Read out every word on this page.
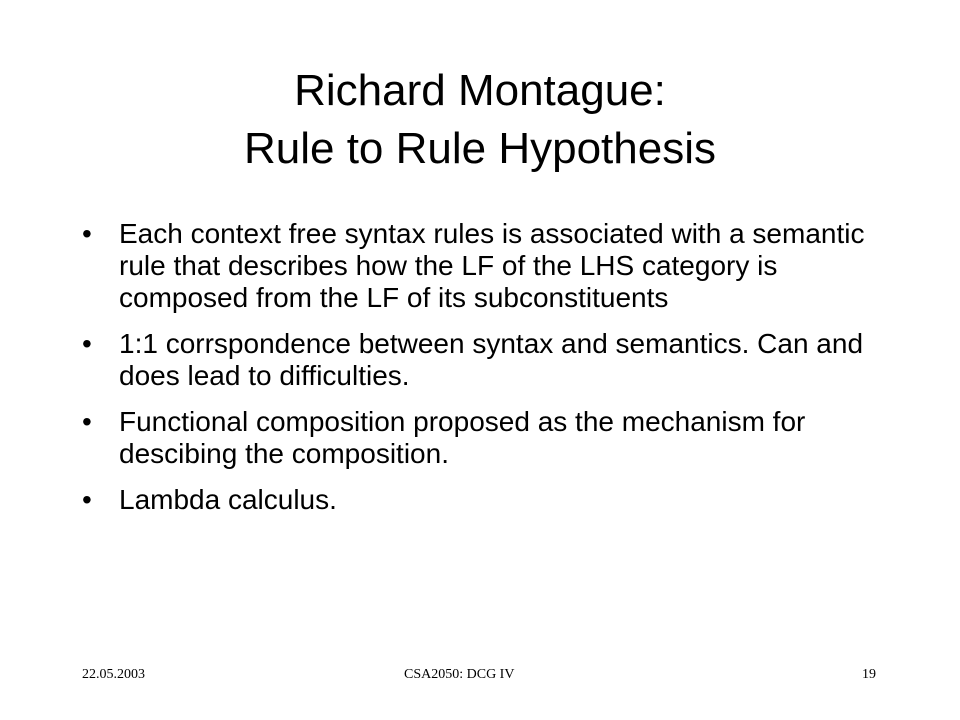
Richard Montague:
Rule to Rule Hypothesis
• Each context free syntax rules is associated with a semantic rule that describes how the LF of the LHS category is composed from the LF of its subconstituents
• 1:1 corrspondence between syntax and semantics. Can and does lead to difficulties.
• Functional composition proposed as the mechanism for descibing the composition.
• Lambda calculus.
22.05.2003	CSA2050: DCG IV	19
